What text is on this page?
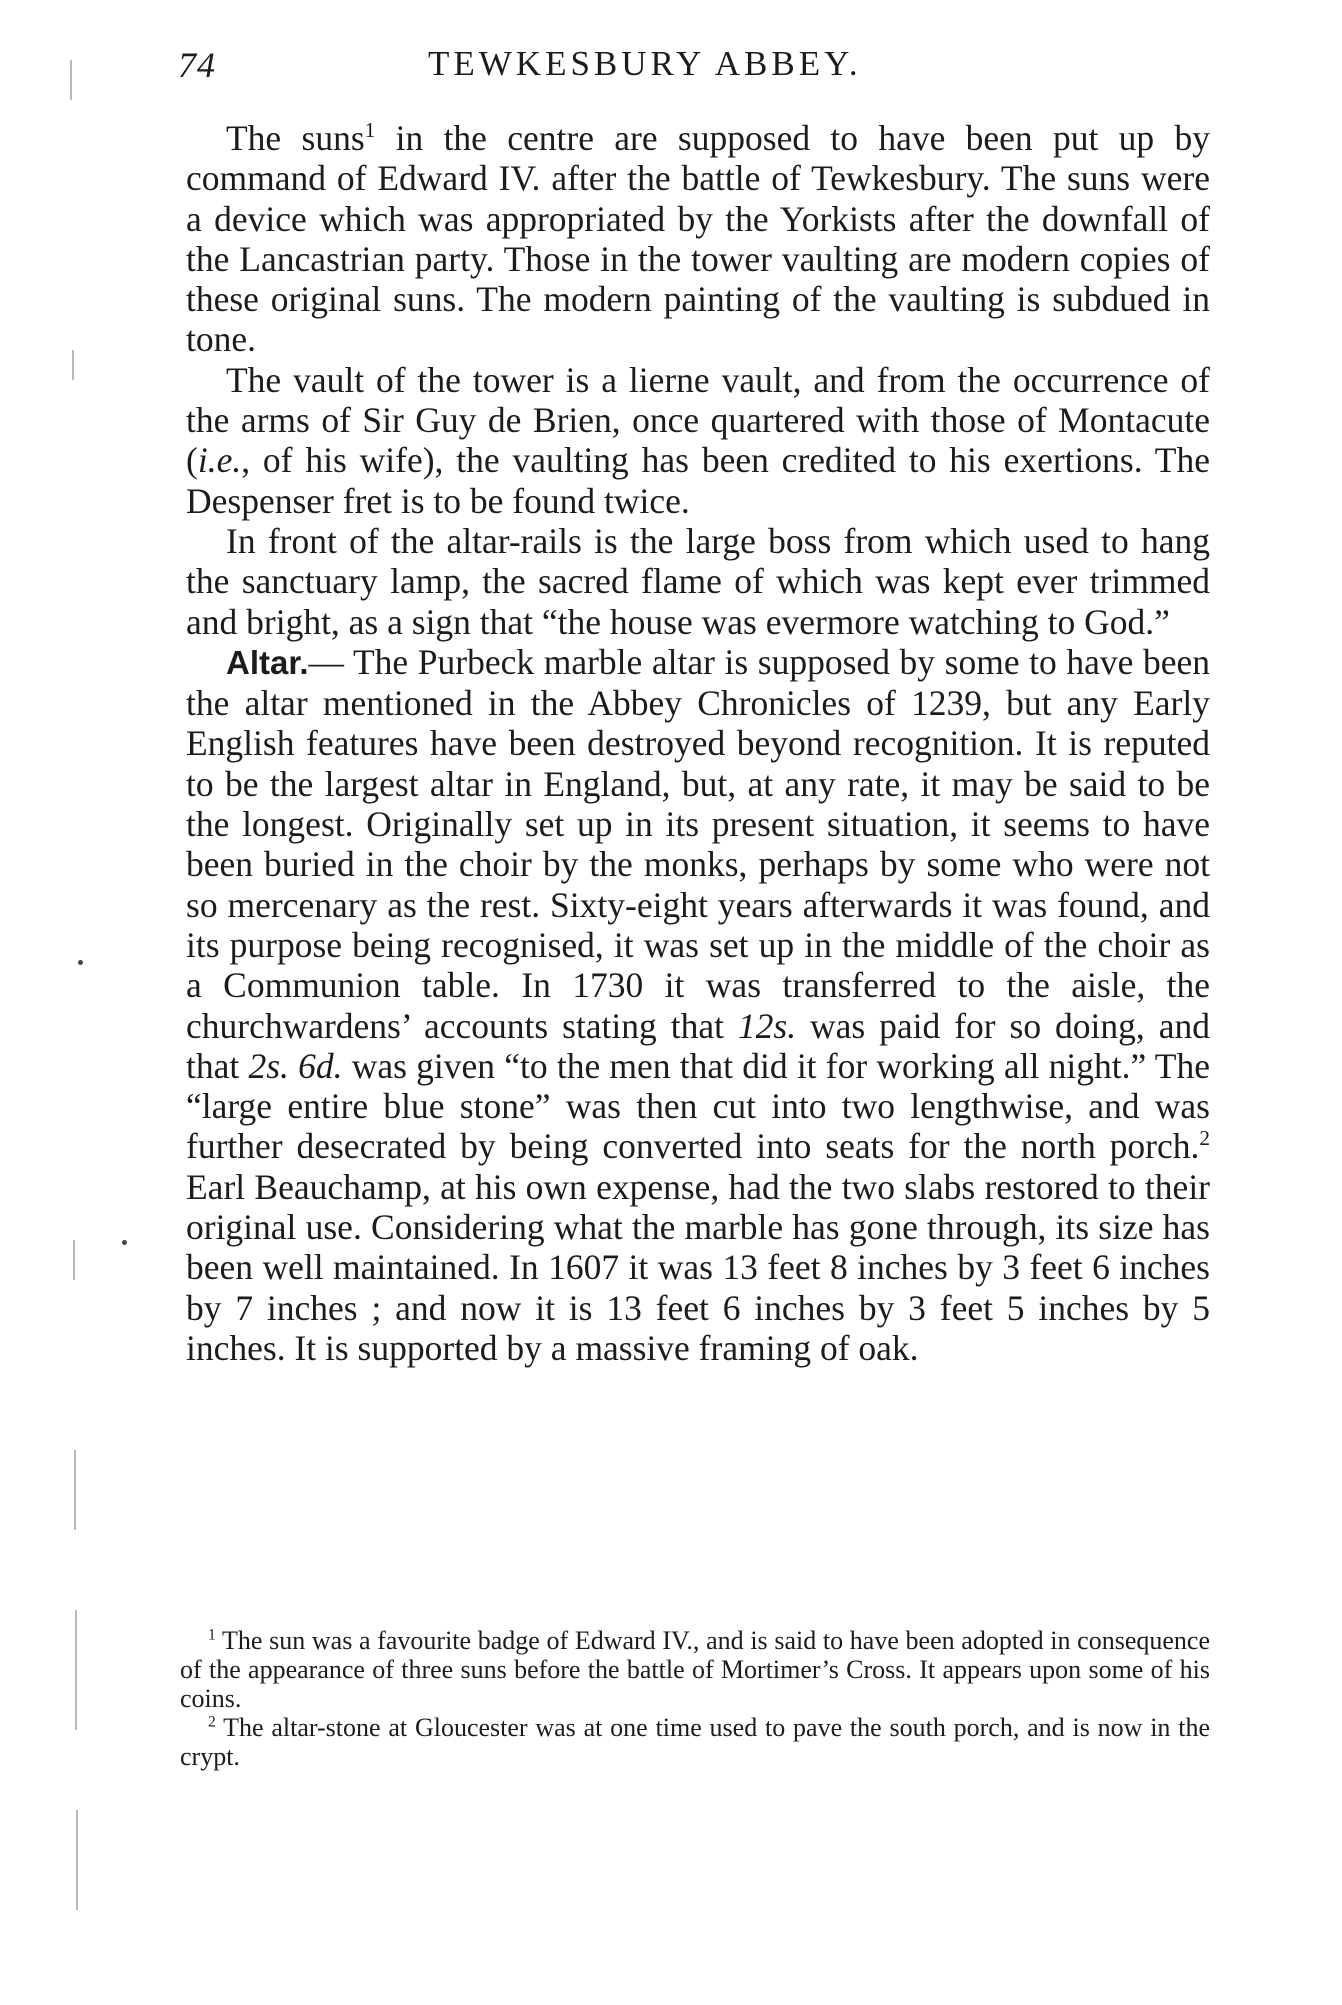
74	TEWKESBURY ABBEY.

The suns$^1$ in the centre are supposed to have been put up by command of Edward IV. after the battle of Tewkesbury. The suns were a device which was appropriated by the Yorkists after the downfall of the Lancastrian party. Those in the tower vaulting are modern copies of these original suns. The modern painting of the vaulting is subdued in tone.

The vault of the tower is a lierne vault, and from the occurrence of the arms of Sir Guy de Brien, once quartered with those of Montacute (i.e., of his wife), the vaulting has been credited to his exertions. The Despenser fret is to be found twice.

In front of the altar-rails is the large boss from which used to hang the sanctuary lamp, the sacred flame of which was kept ever trimmed and bright, as a sign that “the house was evermore watching to God.”

Altar.— The Purbeck marble altar is supposed by some to have been the altar mentioned in the Abbey Chronicles of 1239, but any Early English features have been destroyed beyond recognition. It is reputed to be the largest altar in England, but, at any rate, it may be said to be the longest. Originally set up in its present situation, it seems to have been buried in the choir by the monks, perhaps by some who were not so mercenary as the rest. Sixty-eight years afterwards it was found, and its purpose being recognised, it was set up in the middle of the choir as a Communion table. In 1730 it was transferred to the aisle, the churchwardens’ accounts stating that 12s. was paid for so doing, and that 2s. 6d. was given “to the men that did it for working all night.” The “large entire blue stone” was then cut into two lengthwise, and was further desecrated by being converted into seats for the north porch.$^2$ Earl Beauchamp, at his own expense, had the two slabs restored to their original use. Considering what the marble has gone through, its size has been well maintained. In 1607 it was 13 feet 8 inches by 3 feet 6 inches by 7 inches ; and now it is 13 feet 6 inches by 3 feet 5 inches by 5 inches. It is supported by a massive framing of oak.

$^1$ The sun was a favourite badge of Edward IV., and is said to have been adopted in consequence of the appearance of three suns before the battle of Mortimer’s Cross. It appears upon some of his coins.

$^2$ The altar-stone at Gloucester was at one time used to pave the south porch, and is now in the crypt.
